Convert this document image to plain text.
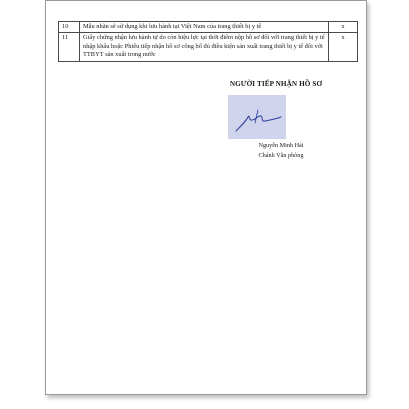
10	Mẫu nhãn sẽ sử dụng khi lưu hành tại Việt Nam của trang thiết bị y tế	x
11	Giấy chứng nhận lưu hành tự do còn hiệu lực tại thời điểm nộp hồ sơ đối với trang thiết bị y tế nhập khẩu hoặc Phiếu tiếp nhận hồ sơ công bố đủ điều kiện sản xuất trang thiết bị y tế đối với TTBYT sản xuất trong nước	x
NGƯỜI TIẾP NHẬN HỒ SƠ
Nguyễn Minh Hải
Chánh Văn phòng
